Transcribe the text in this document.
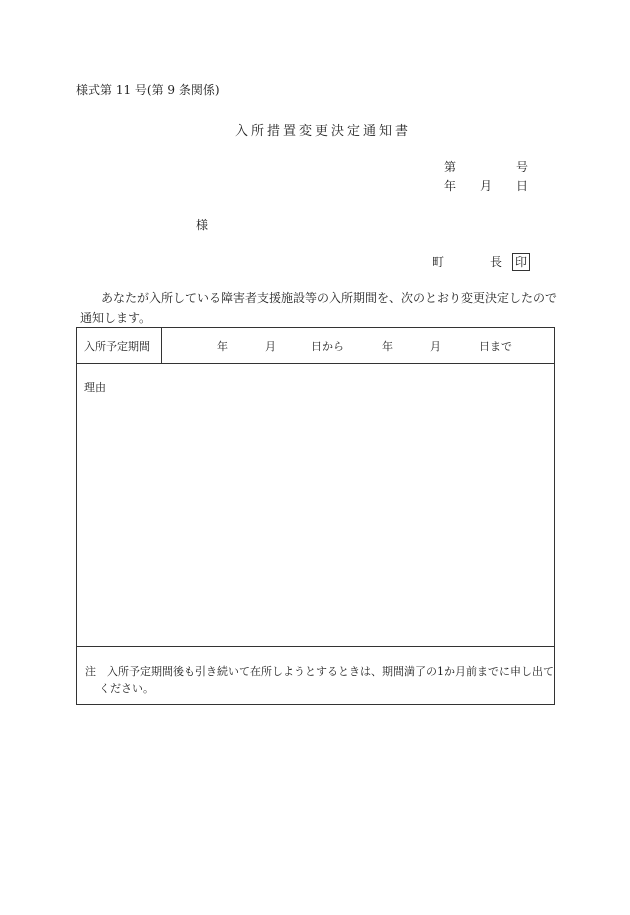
様式第 11 号(第 9 条関係)
入所措置変更決定通知書
第	号
年 月 日
様
町	長 印
あなたが入所している障害者支援施設等の入所期間を、次のとおり変更決定したので
通知します。
入所予定期間	年	月	日から	年	月	日まで
理由
注　入所予定期間後も引き続いて在所しようとするときは、期間満了の1か月前までに申し出てください。
